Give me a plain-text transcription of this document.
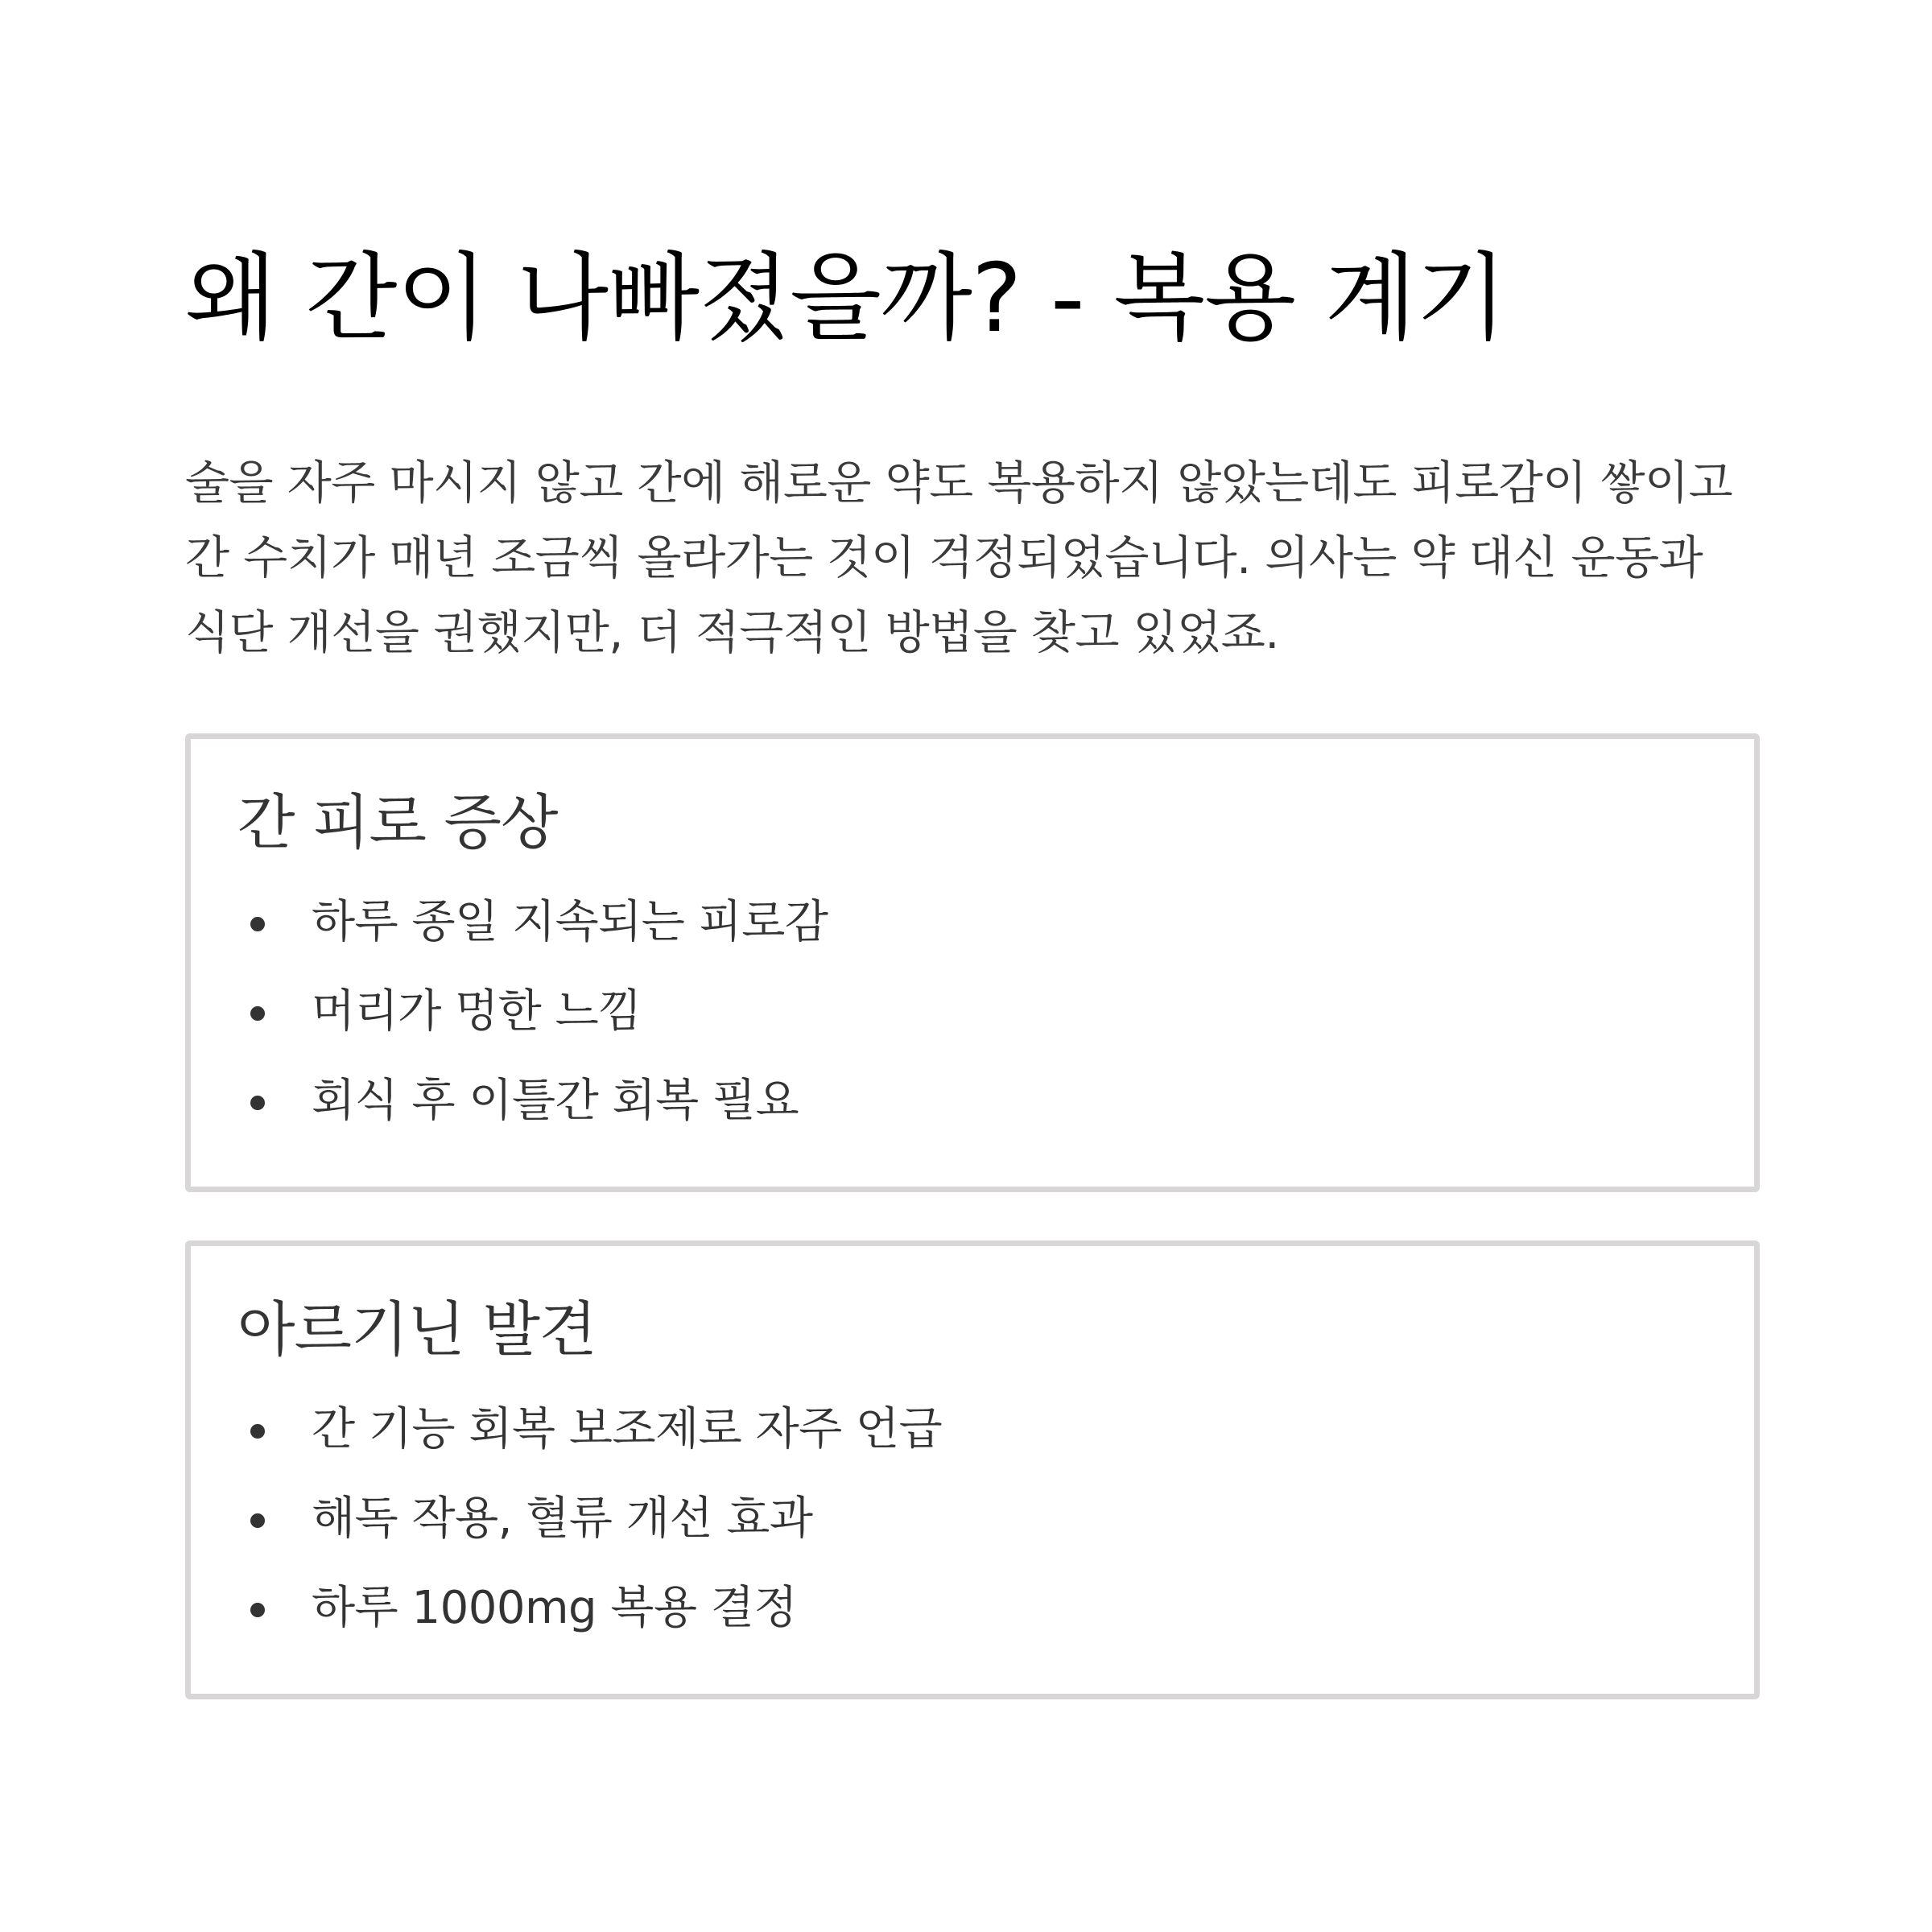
왜 간이 나빠졌을까? - 복용 계기

술을 자주 마시지 않고 간에 해로운 약도 복용하지 않았는데도 피로감이 쌓이고 간 수치가 매년 조금씩 올라가는 것이 걱정되었습니다. 의사는 약 대신 운동과 식단 개선을 권했지만, 더 적극적인 방법을 찾고 있었죠.

간 피로 증상
하루 종일 지속되는 피로감
머리가 멍한 느낌
회식 후 이틀간 회복 필요
아르기닌 발견
간 기능 회복 보조제로 자주 언급
해독 작용, 혈류 개선 효과
하루 1000mg 복용 결정
